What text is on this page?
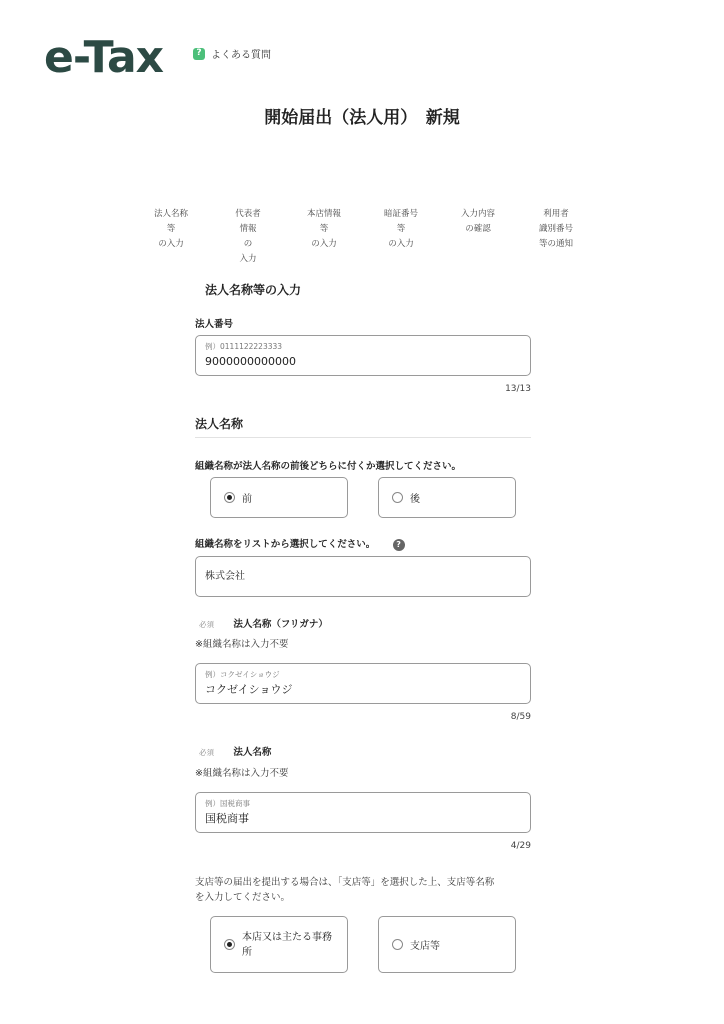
e-Tax	? よくある質問
開始届出（法人用）　新規
法人名称
等
の入力
代表者
情報
の
入力
本店情報
等
の入力
暗証番号
等
の入力
入力内容
の確認
利用者
識別番号
等の通知
法人名称等の入力
法人番号
例）0111122223333
9000000000000
13/13
法人名称
組織名称が法人名称の前後どちらに付くか選択してください。
前	後
組織名称をリストから選択してください。	?
株式会社
必須 法人名称（フリガナ）
※組織名称は入力不要
例）コクゼイショウジ
コクゼイショウジ
8/59
必須 法人名称
※組織名称は入力不要
例）国税商事
国税商事
4/29
支店等の届出を提出する場合は、「支店等」を選択した上、支店等名称
を入力してください。
本店又は主たる事務
所	支店等
